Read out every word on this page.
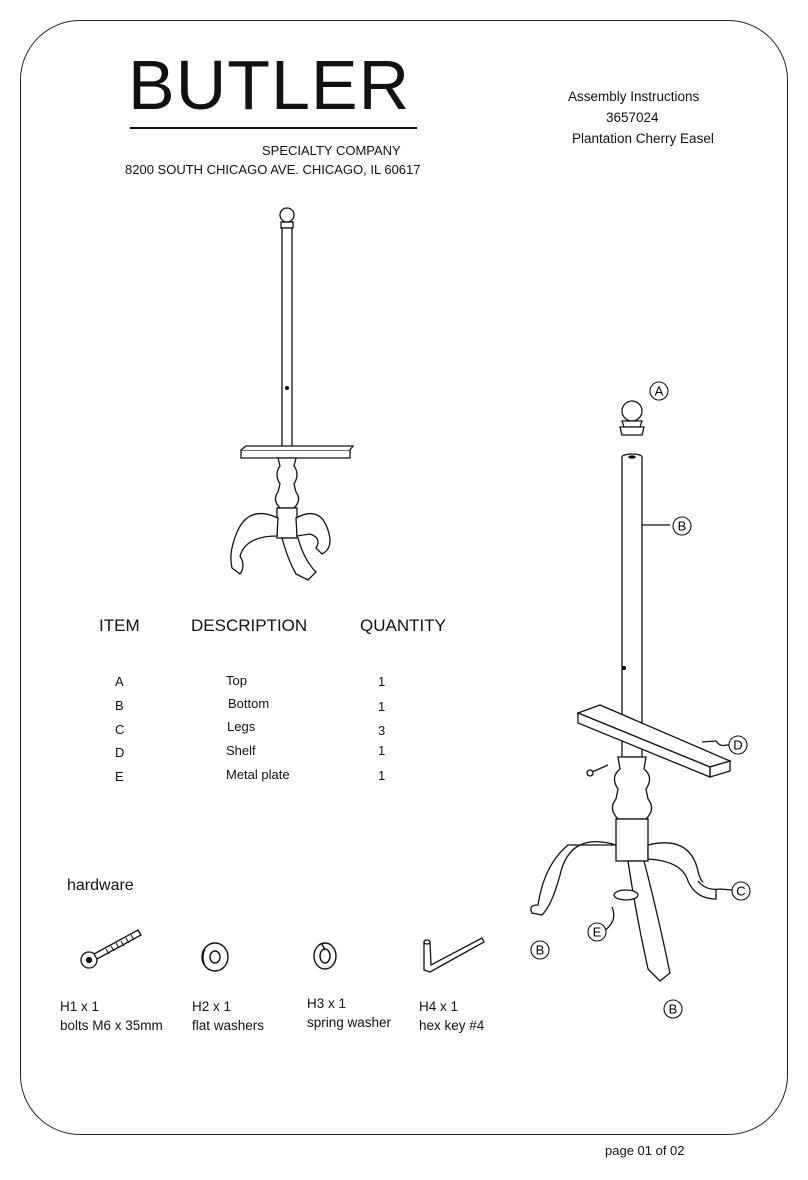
BUTLER
SPECIALTY COMPANY
8200 SOUTH CHICAGO AVE. CHICAGO, IL 60617
Assembly Instructions
3657024
Plantation Cherry Easel
A
B
D
C
E
B
B
ITEM	DESCRIPTION	QUANTITY
A	Top	1
B	Bottom	1
C	Legs	3
D	Shelf	1
E	Metal plate	1
hardware
H1 x 1
bolts M6 x 35mm
H2 x 1
flat washers
H3 x 1
spring washer
H4 x 1
hex key #4
page 01 of 02
